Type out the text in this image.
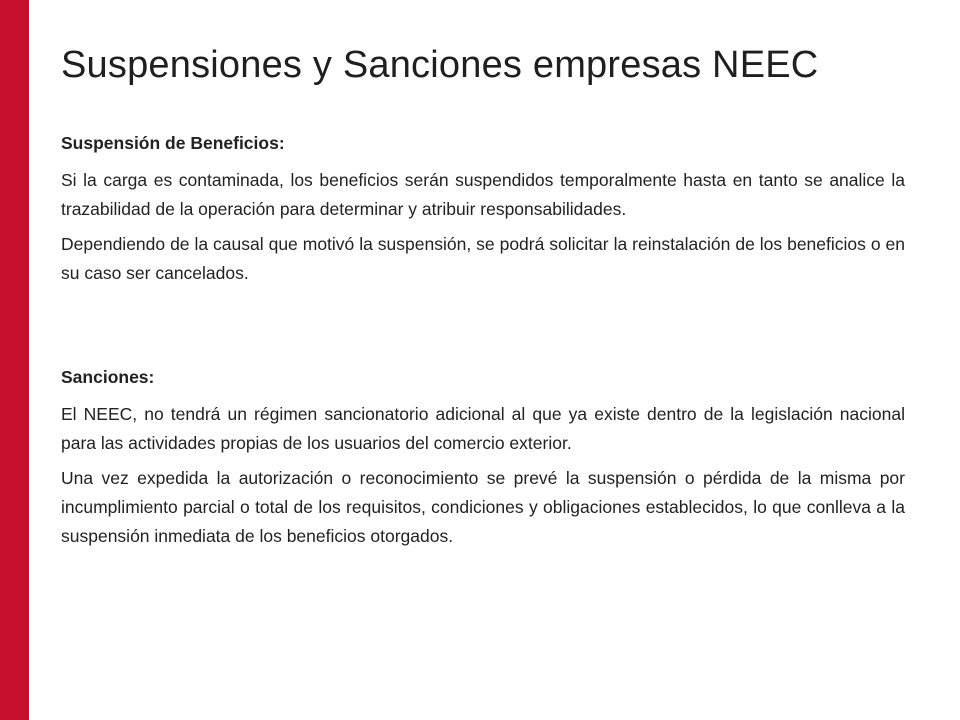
Suspensiones y Sanciones empresas NEEC

Suspensión de Beneficios:

Si la carga es contaminada, los beneficios serán suspendidos temporalmente hasta en tanto se analice la trazabilidad de la operación para determinar y atribuir responsabilidades.

Dependiendo de la causal que motivó la suspensión, se podrá solicitar la reinstalación de los beneficios o en su caso ser cancelados.

Sanciones:

El NEEC, no tendrá un régimen sancionatorio adicional al que ya existe dentro de la legislación nacional para las actividades propias de los usuarios del comercio exterior.

Una vez expedida la autorización o reconocimiento se prevé la suspensión o pérdida de la misma por incumplimiento parcial o total de los requisitos, condiciones y obligaciones establecidos, lo que conlleva a la suspensión inmediata de los beneficios otorgados.
